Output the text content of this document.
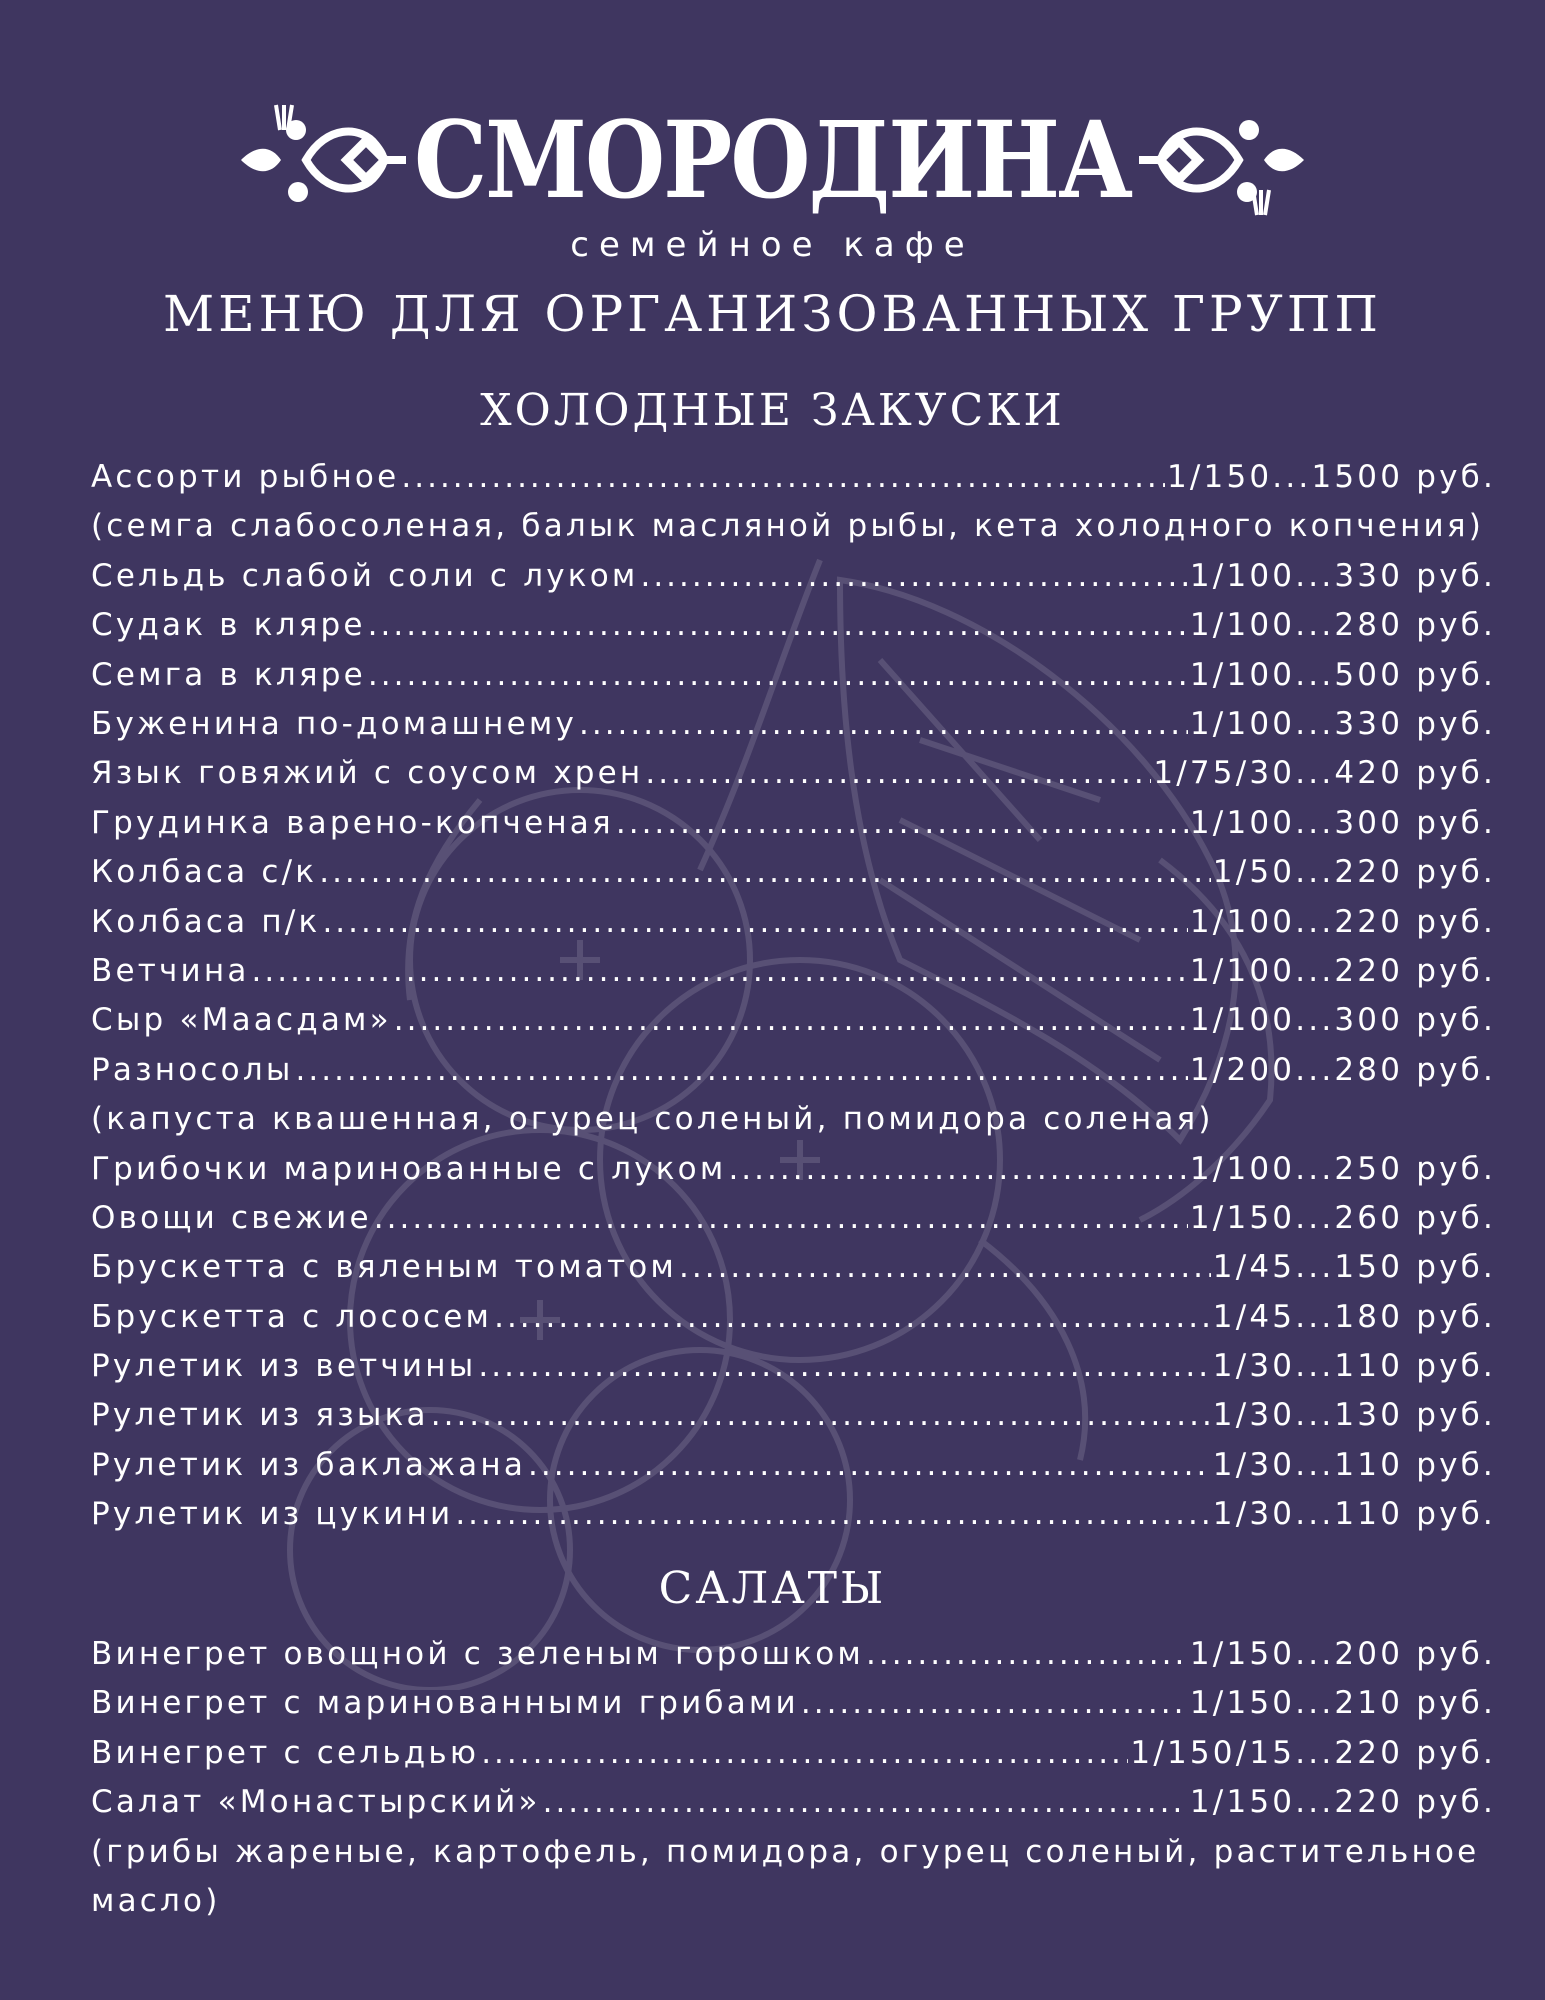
СМОРОДИНА
семейное кафе
МЕНЮ ДЛЯ ОРГАНИЗОВАННЫХ ГРУПП
ХОЛОДНЫЕ ЗАКУСКИ
Ассорти рыбное .....	1/150...1500 руб.
(семга слабосоленая, балык масляной рыбы, кета холодного копчения)
Сельдь слабой соли с луком .....	1/100...330 руб.
Судак в кляре .....	1/100...280 руб.
Семга в кляре .....	1/100...500 руб.
Буженина по-домашнему .....	1/100...330 руб.
Язык говяжий с соусом хрен .....	1/75/30...420 руб.
Грудинка варено-копченая .....	1/100...300 руб.
Колбаса с/к .....	1/50...220 руб.
Колбаса п/к .....	1/100...220 руб.
Ветчина .....	1/100...220 руб.
Сыр «Маасдам» .....	1/100...300 руб.
Разносолы .....	1/200...280 руб.
(капуста квашенная, огурец соленый, помидора соленая)
Грибочки маринованные с луком .....	1/100...250 руб.
Овощи свежие .....	1/150...260 руб.
Брускетта с вяленым томатом .....	1/45...150 руб.
Брускетта с лососем .....	1/45...180 руб.
Рулетик из ветчины .....	1/30...110 руб.
Рулетик из языка .....	1/30...130 руб.
Рулетик из баклажана .....	1/30...110 руб.
Рулетик из цукини .....	1/30...110 руб.
САЛАТЫ
Винегрет овощной с зеленым горошком .....	1/150...200 руб.
Винегрет с маринованными грибами .....	1/150...210 руб.
Винегрет с сельдью .....	1/150/15...220 руб.
Салат «Монастырский» .....	1/150...220 руб.
(грибы жареные, картофель, помидора, огурец соленый, растительное масло)
